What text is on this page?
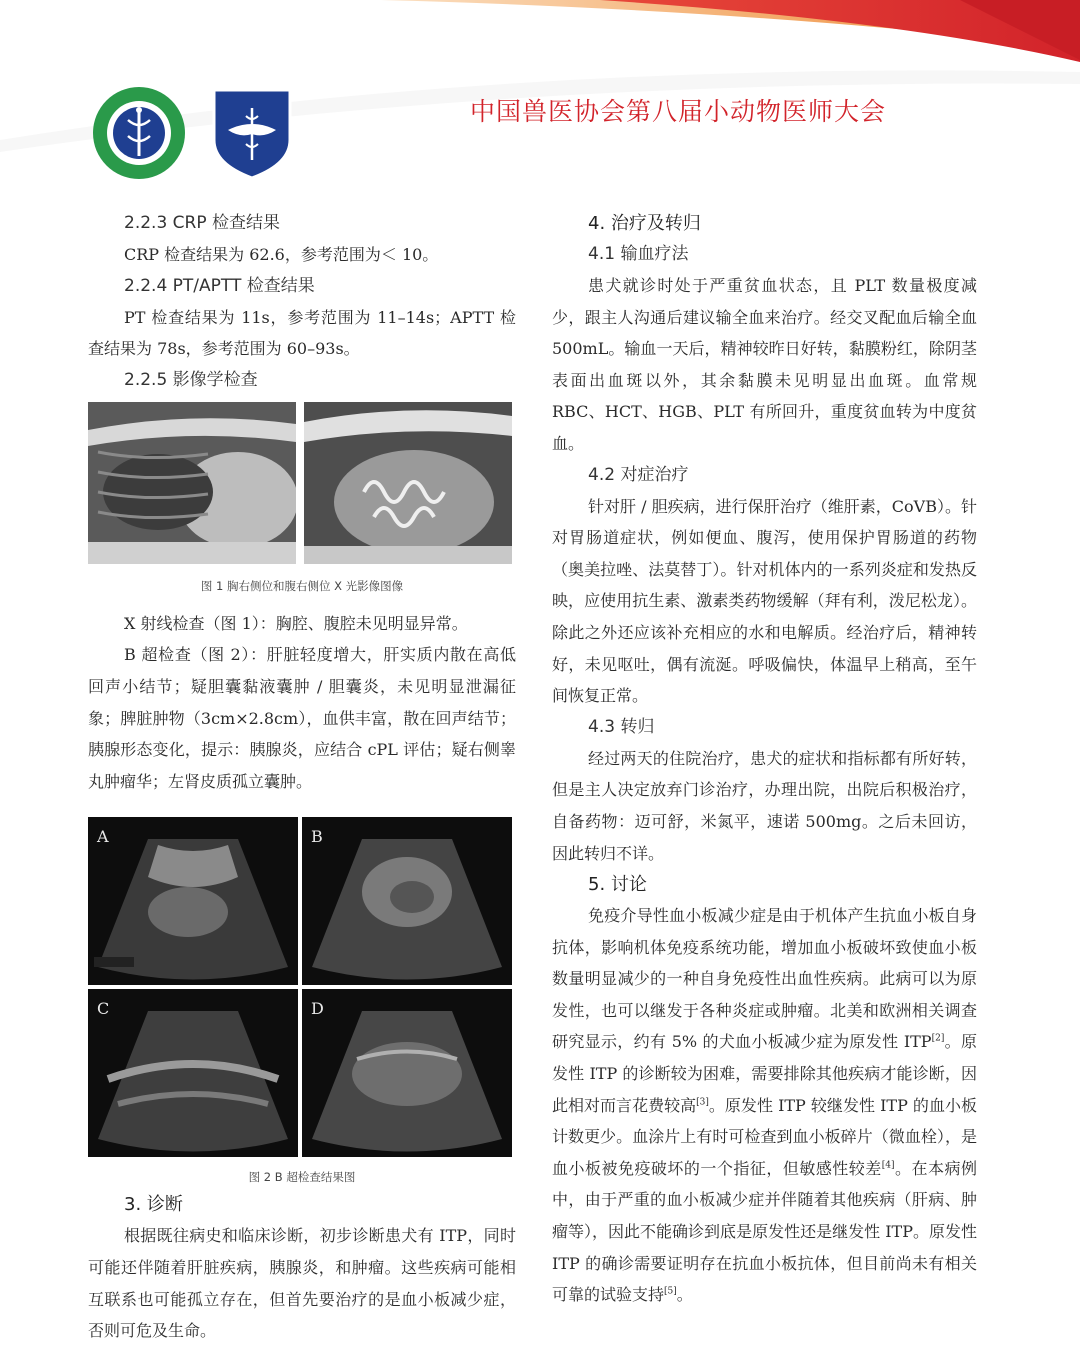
中国兽医协会第八届小动物医师大会
2.2.3 CRP 检查结果

CRP 检查结果为 62.6，参考范围为＜ 10。

2.2.4 PT/APTT 检查结果

PT 检查结果为 11s，参考范围为 11–14s；APTT 检查结果为 78s，参考范围为 60–93s。

2.2.5 影像学检查
图 1 胸右侧位和腹右侧位 X 光影像图像

X 射线检查（图 1）：胸腔、腹腔未见明显异常。

B 超检查（图 2）：肝脏轻度增大，肝实质内散在高低回声小结节；疑胆囊黏液囊肿 / 胆囊炎，未见明显泄漏征象；脾脏肿物（3cm×2.8cm），血供丰富，散在回声结节；胰腺形态变化，提示：胰腺炎，应结合 cPL 评估；疑右侧睾丸肿瘤华；左肾皮质孤立囊肿。

A	B
C	D
图 2 B 超检查结果图
3. 诊断

根据既往病史和临床诊断，初步诊断患犬有 ITP，同时可能还伴随着肝脏疾病，胰腺炎，和肿瘤。这些疾病可能相互联系也可能孤立存在，但首先要治疗的是血小板减少症，否则可危及生命。

4. 治疗及转归
4.1 输血疗法

患犬就诊时处于严重贫血状态，且 PLT 数量极度减少，跟主人沟通后建议输全血来治疗。经交叉配血后输全血 500mL。输血一天后，精神较昨日好转，黏膜粉红，除阴茎表面出血斑以外，其余黏膜未见明显出血斑。血常规 RBC、HCT、HGB、PLT 有所回升，重度贫血转为中度贫血。

4.2 对症治疗

针对肝 / 胆疾病，进行保肝治疗（维肝素，CoVB）。针对胃肠道症状，例如便血、腹泻，使用保护胃肠道的药物（奥美拉唑、法莫替丁）。针对机体内的一系列炎症和发热反映，应使用抗生素、激素类药物缓解（拜有利，泼尼松龙）。除此之外还应该补充相应的水和电解质。经治疗后，精神转好，未见呕吐，偶有流涎。呼吸偏快，体温早上稍高，至午间恢复正常。

4.3 转归

经过两天的住院治疗，患犬的症状和指标都有所好转，但是主人决定放弃门诊治疗，办理出院，出院后积极治疗，自备药物：迈可舒，米氮平，速诺 500mg。之后未回访，因此转归不详。

5. 讨论

免疫介导性血小板减少症是由于机体产生抗血小板自身抗体，影响机体免疫系统功能，增加血小板破坏致使血小板数量明显减少的一种自身免疫性出血性疾病。此病可以为原发性，也可以继发于各种炎症或肿瘤。北美和欧洲相关调查研究显示，约有 5% 的犬血小板减少症为原发性 ITP[2]。原发性 ITP 的诊断较为困难，需要排除其他疾病才能诊断，因此相对而言花费较高[3]。原发性 ITP 较继发性 ITP 的血小板计数更少。血涂片上有时可检查到血小板碎片（微血栓），是血小板被免疫破坏的一个指征，但敏感性较差[4]。在本病例中，由于严重的血小板减少症并伴随着其他疾病（肝病、肿瘤等），因此不能确诊到底是原发性还是继发性 ITP。原发性 ITP 的确诊需要证明存在抗血小板抗体，但目前尚未有相关可靠的试验支持[5]。
